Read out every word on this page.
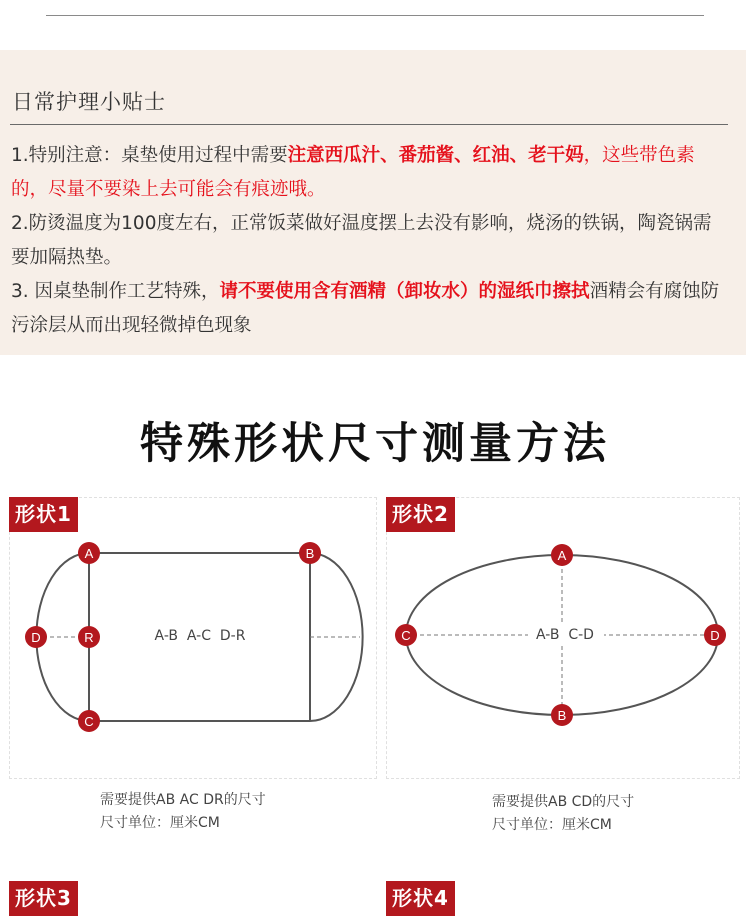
日常护理小贴士

1.特别注意：桌垫使用过程中需要注意西瓜汁、番茄酱、红油、老干妈，这些带色素的，尽量不要染上去可能会有痕迹哦。

2.防烫温度为100度左右，正常饭菜做好温度摆上去没有影响，烧汤的铁锅，陶瓷锅需要加隔热垫。

3. 因桌垫制作工艺特殊，请不要使用含有酒精（卸妆水）的湿纸巾擦拭酒精会有腐蚀防污涂层从而出现轻微掉色现象

特殊形状尺寸测量方法
A	B
C
D	R	A-B  A-C  D-R
形状1
需要提供AB AC DR的尺寸
尺寸单位：厘米CM
A
B
C	D
A-B  C-D
形状2
需要提供AB CD的尺寸
尺寸单位：厘米CM
形状3	形状4
